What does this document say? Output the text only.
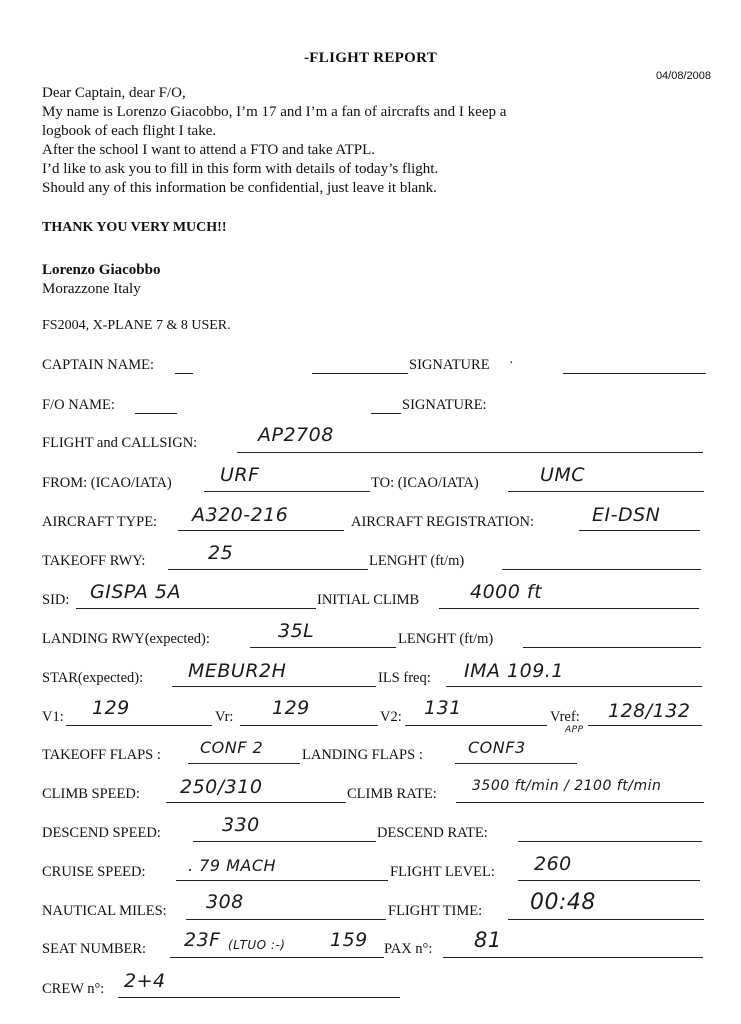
-FLIGHT REPORT
04/08/2008
Dear Captain, dear F/O,
My name is Lorenzo Giacobbo, I’m 17 and I’m a fan of aircrafts and I keep a
logbook of each flight I take.
After the school I want to attend a FTO and take ATPL.
I’d like to ask you to fill in this form with details of today’s flight.
Should any of this information be confidential, just leave it blank.
THANK YOU VERY MUCH!!
Lorenzo Giacobbo
Morazzone Italy
FS2004, X-PLANE 7 & 8 USER.
CAPTAIN NAME:	SIGNATURE ·
F/O NAME:	SIGNATURE:
FLIGHT and CALLSIGN:	AP2708
FROM: (ICAO/IATA)	URF	TO: (ICAO/IATA)	UMC
AIRCRAFT TYPE: A320-216	AIRCRAFT REGISTRATION:	EI-DSN
TAKEOFF RWY:	25	LENGHT (ft/m)
SID: GISPA 5A	INITIAL CLIMB	4000 ft
LANDING RWY(expected):	35L	LENGHT (ft/m)
STAR(expected): MEBUR2H	ILS freq: IMA 109.1
V1: 129	Vr: 129	V2: 131	Vref: 128/132
APP
TAKEOFF FLAPS : CONF 2	LANDING FLAPS :	CONF3
CLIMB SPEED: 250/310	CLIMB RATE:	3500 ft/min / 2100 ft/min
DESCEND SPEED:	330	DESCEND RATE:
CRUISE SPEED:	. 79 MACH	FLIGHT LEVEL: 260
NAUTICAL MILES: 308	FLIGHT TIME: 00:48
SEAT NUMBER: 23F (LTUO :-) 159 PAX n°: 81
CREW n°: 2+4
